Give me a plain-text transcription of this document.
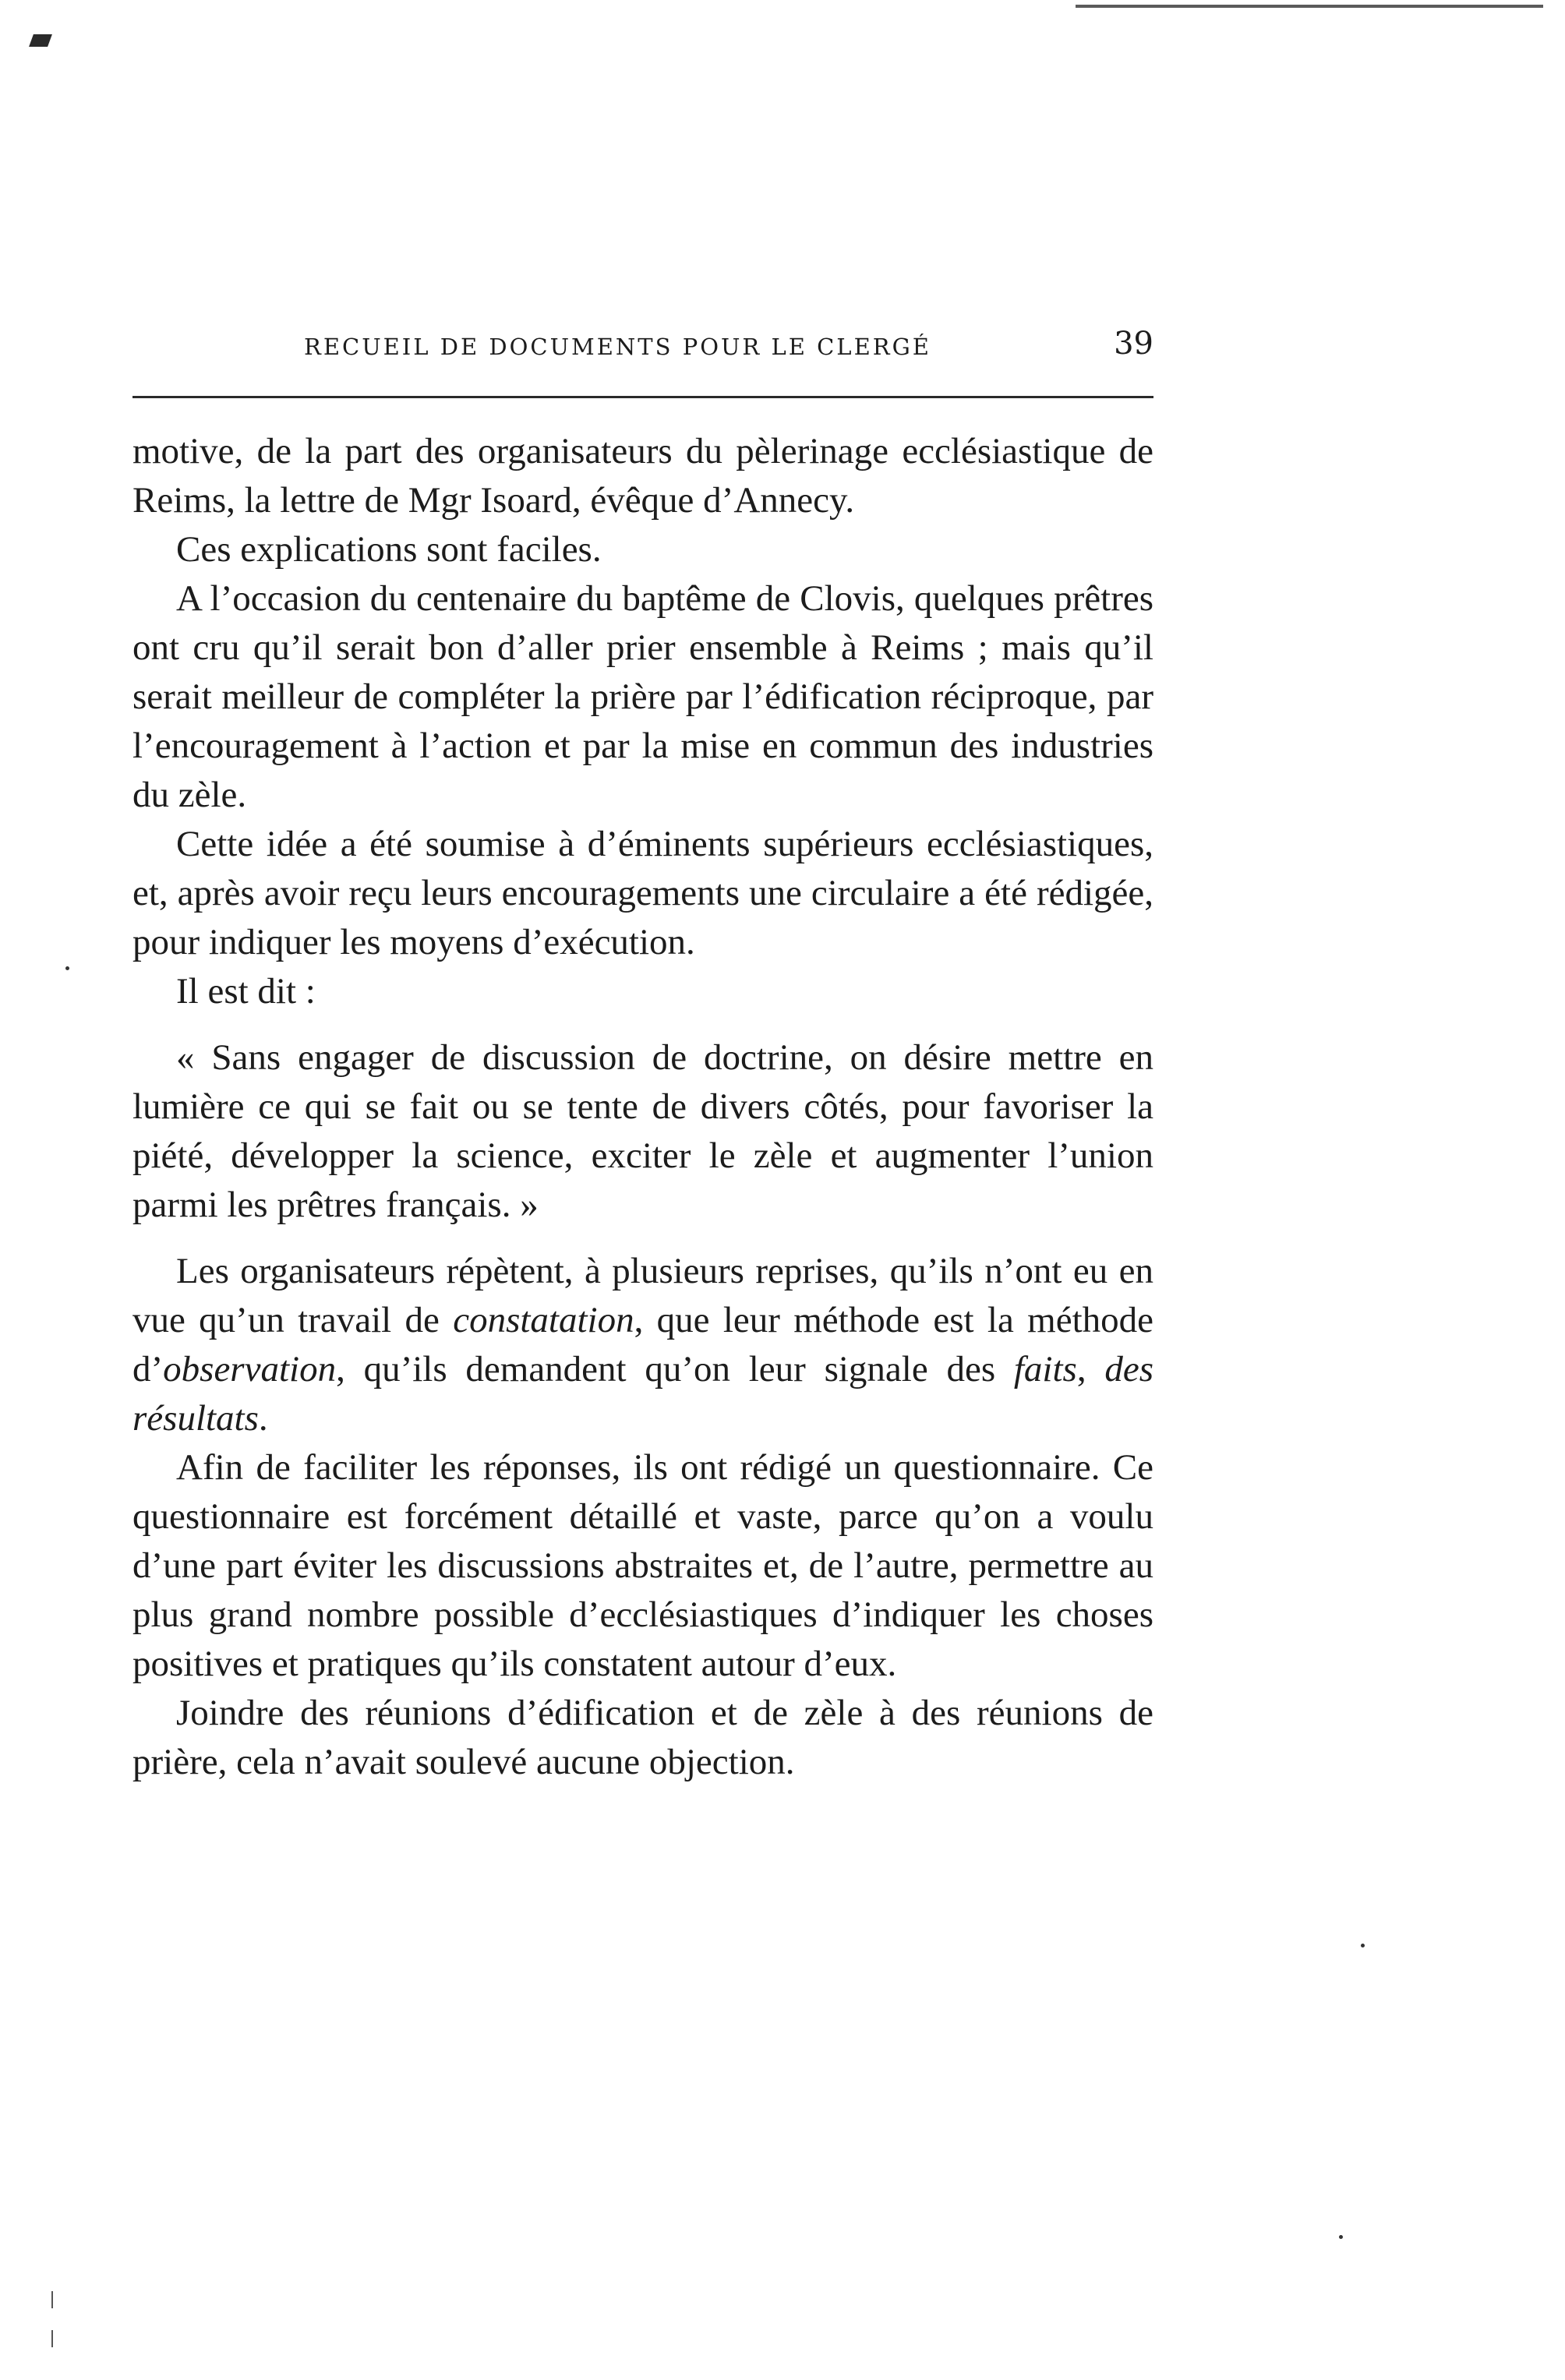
RECUEIL DE DOCUMENTS POUR LE CLERGÉ	39

motive, de la part des organisateurs du pèlerinage ecclésiastique de Reims, la lettre de Mgr Isoard, évêque d’Annecy.

Ces explications sont faciles.

A l’occasion du centenaire du baptême de Clovis, quelques prêtres ont cru qu’il serait bon d’aller prier ensemble à Reims ; mais qu’il serait meilleur de compléter la prière par l’édification réciproque, par l’encouragement à l’action et par la mise en commun des industries du zèle.

Cette idée a été soumise à d’éminents supérieurs ecclésiastiques, et, après avoir reçu leurs encouragements une circulaire a été rédigée, pour indiquer les moyens d’exécution.

Il est dit :

« Sans engager de discussion de doctrine, on désire mettre en lumière ce qui se fait ou se tente de divers côtés, pour favoriser la piété, développer la science, exciter le zèle et augmenter l’union parmi les prêtres français. »

Les organisateurs répètent, à plusieurs reprises, qu’ils n’ont eu en vue qu’un travail de constatation, que leur méthode est la méthode d’observation, qu’ils demandent qu’on leur signale des faits, des résultats.

Afin de faciliter les réponses, ils ont rédigé un questionnaire. Ce questionnaire est forcément détaillé et vaste, parce qu’on a voulu d’une part éviter les discussions abstraites et, de l’autre, permettre au plus grand nombre possible d’ecclésiastiques d’indiquer les choses positives et pratiques qu’ils constatent autour d’eux.

Joindre des réunions d’édification et de zèle à des réunions de prière, cela n’avait soulevé aucune objection.
